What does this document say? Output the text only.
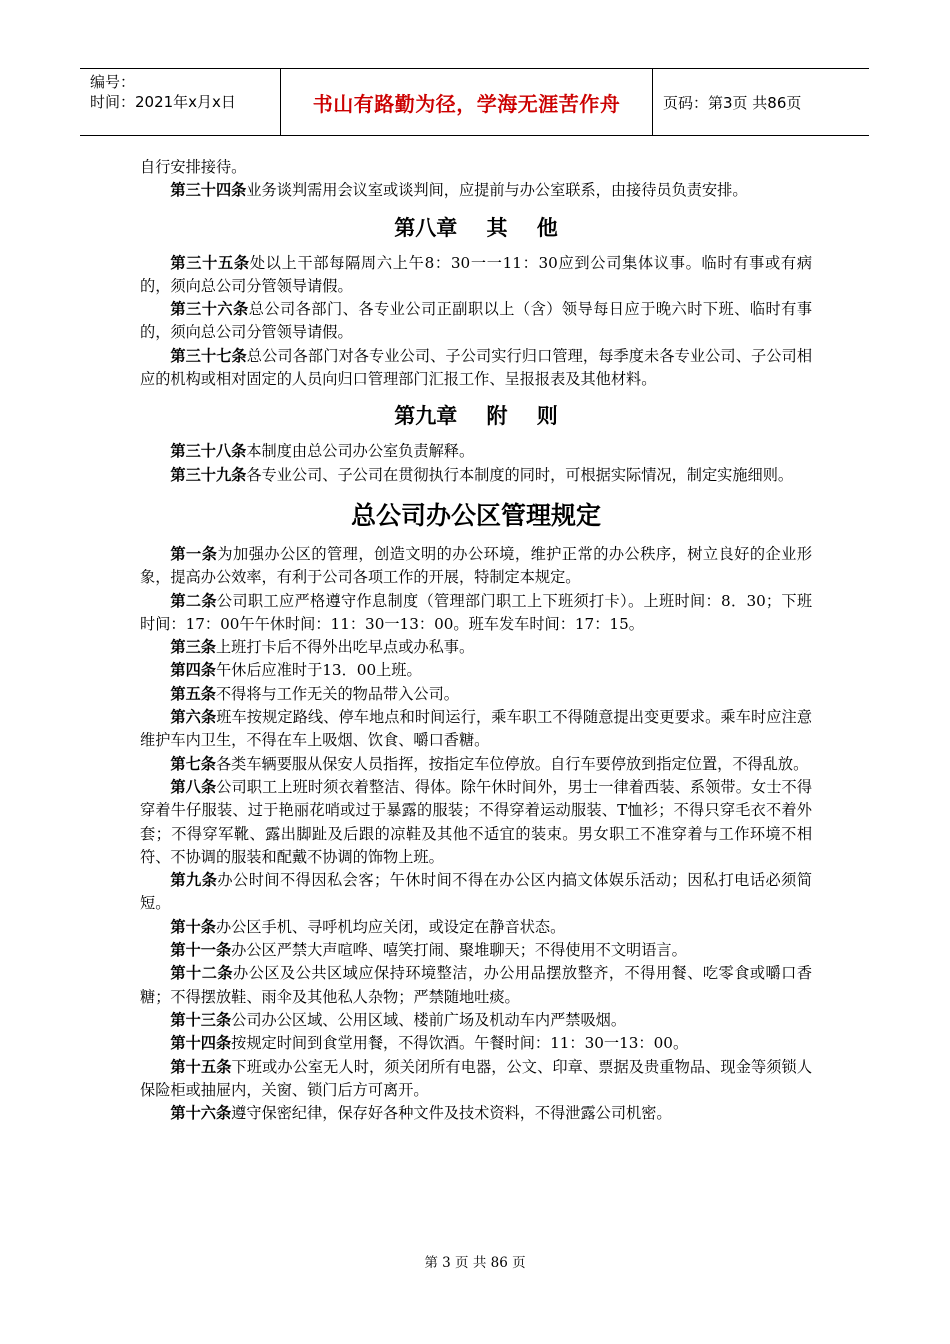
编号：
时间：2021年x月x日	书山有路勤为径，学海无涯苦作舟	页码：第3页 共86页

自行安排接待。

第三十四条业务谈判需用会议室或谈判间，应提前与办公室联系，由接待员负责安排。

第八章    其    他

第三十五条处以上干部每隔周六上午8：30一一11：30应到公司集体议事。临时有事或有病的，须向总公司分管领导请假。

第三十六条总公司各部门、各专业公司正副职以上（含）领导每日应于晚六时下班、临时有事的，须向总公司分管领导请假。

第三十七条总公司各部门对各专业公司、子公司实行归口管理，每季度未各专业公司、子公司相应的机构或相对固定的人员向归口管理部门汇报工作、呈报报表及其他材料。

第九章    附    则

第三十八条本制度由总公司办公室负责解释。

第三十九条各专业公司、子公司在贯彻执行本制度的同时，可根据实际情况，制定实施细则。

总公司办公区管理规定

第一条为加强办公区的管理，创造文明的办公环境，维护正常的办公秩序，树立良好的企业形象，提高办公效率，有利于公司各项工作的开展，特制定本规定。

第二条公司职工应严格遵守作息制度（管理部门职工上下班须打卡）。上班时间：8．30；下班时间：17：00午午休时间：11：30一13：00。班车发车时间：17：15。

第三条上班打卡后不得外出吃早点或办私事。

第四条午休后应准时于13．00上班。

第五条不得将与工作无关的物品带入公司。

第六条班车按规定路线、停车地点和时间运行，乘车职工不得随意提出变更要求。乘车时应注意维护车内卫生，不得在车上吸烟、饮食、嚼口香糖。

第七条各类车辆要服从保安人员指挥，按指定车位停放。自行车要停放到指定位置，不得乱放。

第八条公司职工上班时须衣着整洁、得体。除午休时间外，男士一律着西装、系领带。女士不得穿着牛仔服装、过于艳丽花哨或过于暴露的服装；不得穿着运动服装、T恤衫；不得只穿毛衣不着外套；不得穿军靴、露出脚趾及后跟的凉鞋及其他不适宜的装束。男女职工不准穿着与工作环境不相符、不协调的服装和配戴不协调的饰物上班。

第九条办公时间不得因私会客；午休时间不得在办公区内搞文体娱乐活动；因私打电话必须简短。

第十条办公区手机、寻呼机均应关闭，或设定在静音状态。

第十一条办公区严禁大声喧哗、嘻笑打闹、聚堆聊天；不得使用不文明语言。

第十二条办公区及公共区域应保持环境整洁，办公用品摆放整齐，不得用餐、吃零食或嚼口香糖；不得摆放鞋、雨伞及其他私人杂物；严禁随地吐痰。

第十三条公司办公区域、公用区域、楼前广场及机动车内严禁吸烟。

第十四条按规定时间到食堂用餐，不得饮酒。午餐时间：11：30一13：00。

第十五条下班或办公室无人时，须关闭所有电器，公文、印章、票据及贵重物品、现金等须锁人保险柜或抽屉内，关窗、锁门后方可离开。

第十六条遵守保密纪律，保存好各种文件及技术资料，不得泄露公司机密。

第 3 页 共 86 页
